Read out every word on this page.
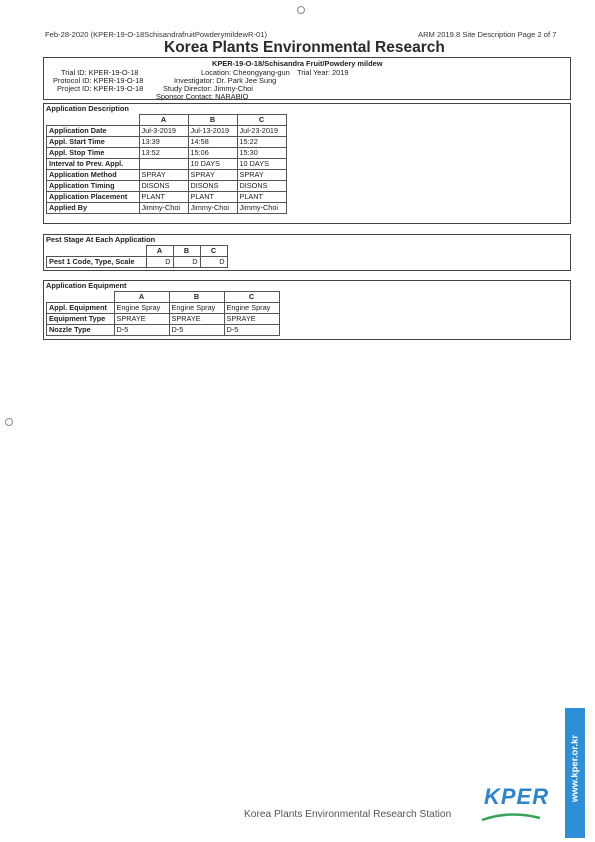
Feb-28-2020 (KPER-19-O-18SchisandrafruitPowderymildewR-01)	ARM 2019.8 Site Description Page 2 of 7
Korea Plants Environmental Research
KPER-19-O-18/Schisandra Fruit/Powdery mildew
Trial ID: KPER-19-O-18
Protocol ID: KPER-19-O-18
Project ID: KPER-19-O-18
Location: Cheongyang-gun Trial Year: 2019
Investigator: Dr. Park Jee Sung
Study Director: Jimmy-Choi
Sponsor Contact: NARABIO
Application Description
	A	B	C
Application Date	Jul-3-2019	Jul-13-2019	Jul-23-2019
Appl. Start Time	13:39	14:58	15:22
Appl. Stop Time	13:52	15:06	15:30
Interval to Prev. Appl.		10 DAYS	10 DAYS
Application Method	SPRAY	SPRAY	SPRAY
Application Timing	DISONS	DISONS	DISONS
Application Placement	PLANT	PLANT	PLANT
Applied By	Jimmy-Choi	Jimmy-Choi	Jimmy-Choi
Pest Stage At Each Application
	A	B	C
Pest 1 Code, Type, Scale	D	D	D
Application Equipment
	A	B	C
Appl. Equipment	Engine Spray	Engine Spray	Engine Spray
Equipment Type	SPRAYE	SPRAYE	SPRAYE
Nozzle Type	D-5	D-5	D-5
Korea Plants Environmental Research Station
KPER www.kper.or.kr
